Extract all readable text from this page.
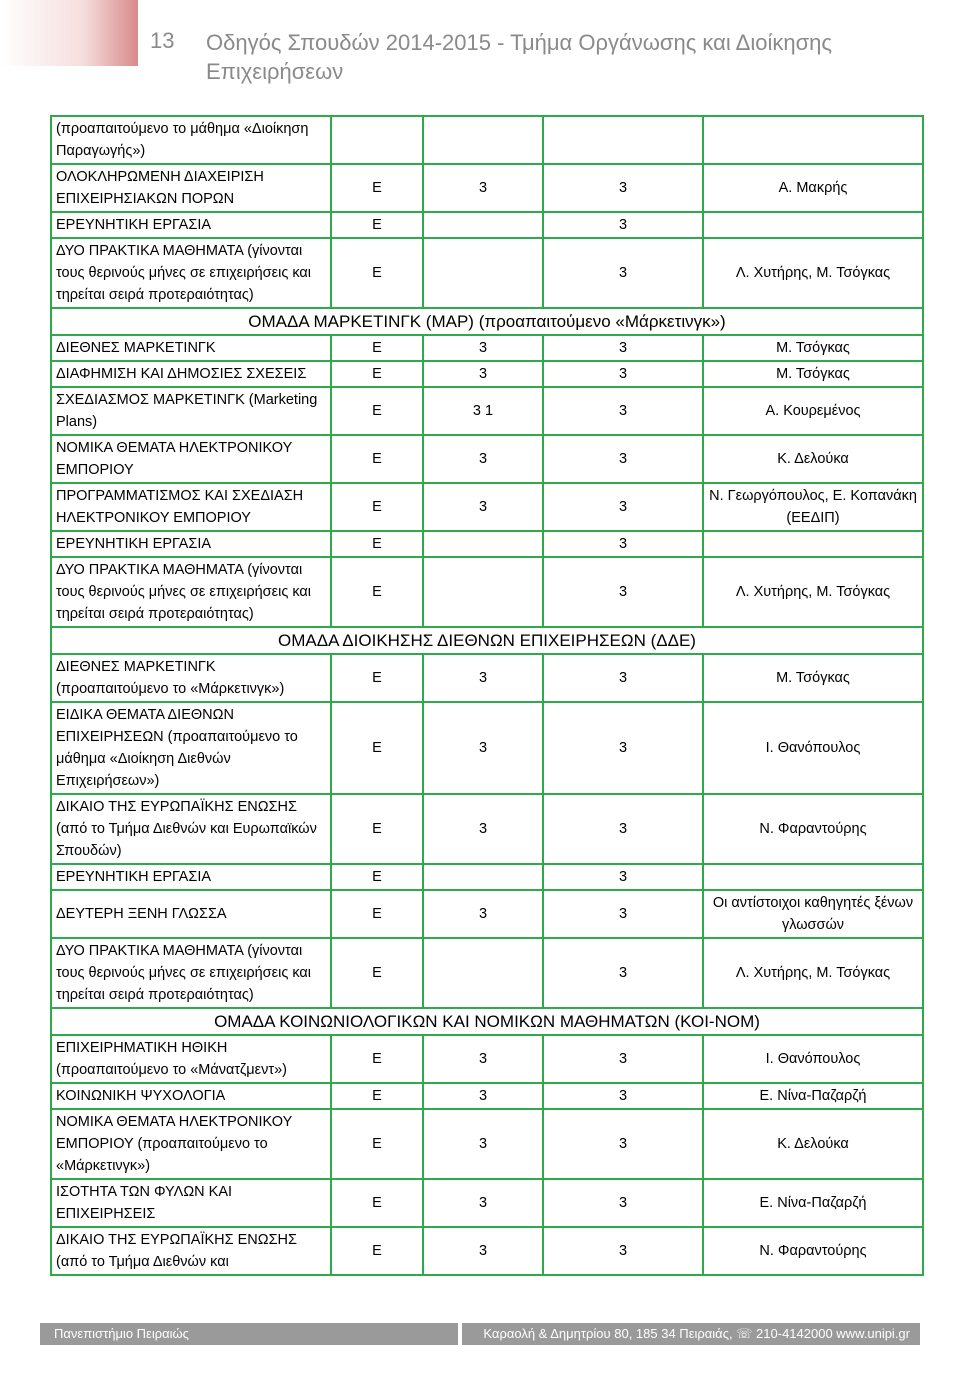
13 Οδηγός Σπουδών 2014-2015 - Τμήμα Οργάνωσης και Διοίκησης Επιχειρήσεων
(προαπαιτούμενο το μάθημα «Διοίκηση Παραγωγής»)				
ΟΛΟΚΛΗΡΩΜΕΝΗ ΔΙΑΧΕΙΡΙΣΗ ΕΠΙΧΕΙΡΗΣΙΑΚΩΝ ΠΟΡΩΝ	Ε	3	3	Α. Μακρής
ΕΡΕΥΝΗΤΙΚΗ ΕΡΓΑΣΙΑ	Ε		3	
ΔΥΟ ΠΡΑΚΤΙΚΑ ΜΑΘΗΜΑΤΑ (γίνονται τους θερινούς μήνες σε επιχειρήσεις και τηρείται σειρά προτεραιότητας)	Ε		3	Λ. Χυτήρης, Μ. Τσόγκας
ΟΜΑΔΑ ΜΑΡΚΕΤΙΝΓΚ (ΜΑΡ) (προαπαιτούμενο «Μάρκετινγκ»)				
ΔΙΕΘΝΕΣ ΜΑΡΚΕΤΙΝΓΚ	Ε	3	3	Μ. Τσόγκας
ΔΙΑΦΗΜΙΣΗ ΚΑΙ ΔΗΜΟΣΙΕΣ ΣΧΕΣΕΙΣ	Ε	3	3	Μ. Τσόγκας
ΣΧΕΔΙΑΣΜΟΣ ΜΑΡΚΕΤΙΝΓΚ (Marketing Plans)	Ε	3 1	3	Α. Κουρεμένος
ΝΟΜΙΚΑ ΘΕΜΑΤΑ ΗΛΕΚΤΡΟΝΙΚΟΥ ΕΜΠΟΡΙΟΥ	Ε	3	3	Κ. Δελούκα
ΠΡΟΓΡΑΜΜΑΤΙΣΜΟΣ ΚΑΙ ΣΧΕΔΙΑΣΗ ΗΛΕΚΤΡΟΝΙΚΟΥ ΕΜΠΟΡΙΟΥ	Ε	3	3	Ν. Γεωργόπουλος, Ε. Κοπανάκη (ΕΕΔΙΠ)
ΕΡΕΥΝΗΤΙΚΗ ΕΡΓΑΣΙΑ	Ε		3	
ΔΥΟ ΠΡΑΚΤΙΚΑ ΜΑΘΗΜΑΤΑ (γίνονται τους θερινούς μήνες σε επιχειρήσεις και τηρείται σειρά προτεραιότητας)	Ε		3	Λ. Χυτήρης, Μ. Τσόγκας
ΟΜΑΔΑ ΔΙΟΙΚΗΣΗΣ ΔΙΕΘΝΩΝ ΕΠΙΧΕΙΡΗΣΕΩΝ (ΔΔΕ)				
ΔΙΕΘΝΕΣ ΜΑΡΚΕΤΙΝΓΚ (προαπαιτούμενο το «Μάρκετινγκ»)	Ε	3	3	Μ. Τσόγκας
ΕΙΔΙΚΑ ΘΕΜΑΤΑ ΔΙΕΘΝΩΝ ΕΠΙΧΕΙΡΗΣΕΩΝ (προαπαιτούμενο το μάθημα «Διοίκηση Διεθνών Επιχειρήσεων»)	Ε	3	3	Ι. Θανόπουλος
ΔΙΚΑΙΟ ΤΗΣ ΕΥΡΩΠΑΪΚΗΣ ΕΝΩΣΗΣ (από το Τμήμα Διεθνών και Ευρωπαϊκών Σπουδών)	Ε	3	3	Ν. Φαραντούρης
ΕΡΕΥΝΗΤΙΚΗ ΕΡΓΑΣΙΑ	Ε		3	
ΔΕΥΤΕΡΗ ΞΕΝΗ ΓΛΩΣΣΑ	Ε	3	3	Οι αντίστοιχοι καθηγητές ξένων γλωσσών
ΔΥΟ ΠΡΑΚΤΙΚΑ ΜΑΘΗΜΑΤΑ (γίνονται τους θερινούς μήνες σε επιχειρήσεις και τηρείται σειρά προτεραιότητας)	Ε		3	Λ. Χυτήρης, Μ. Τσόγκας
ΟΜΑΔΑ ΚΟΙΝΩΝΙΟΛΟΓΙΚΩΝ ΚΑΙ ΝΟΜΙΚΩΝ ΜΑΘΗΜΑΤΩΝ (ΚΟΙ-ΝΟΜ)				
ΕΠΙΧΕΙΡΗΜΑΤΙΚΗ ΗΘΙΚΗ (προαπαιτούμενο το «Μάνατζμεντ»)	Ε	3	3	Ι. Θανόπουλος
ΚΟΙΝΩΝΙΚΗ ΨΥΧΟΛΟΓΙΑ	Ε	3	3	Ε. Νίνα-Παζαρζή
ΝΟΜΙΚΑ ΘΕΜΑΤΑ ΗΛΕΚΤΡΟΝΙΚΟΥ ΕΜΠΟΡΙΟΥ (προαπαιτούμενο το «Μάρκετινγκ»)	Ε	3	3	Κ. Δελούκα
ΙΣΟΤΗΤΑ ΤΩΝ ΦΥΛΩΝ ΚΑΙ ΕΠΙΧΕΙΡΗΣΕΙΣ	Ε	3	3	Ε. Νίνα-Παζαρζή
ΔΙΚΑΙΟ ΤΗΣ ΕΥΡΩΠΑΪΚΗΣ ΕΝΩΣΗΣ (από το Τμήμα Διεθνών και	Ε	3	3	Ν. Φαραντούρης
Πανεπιστήμιο Πειραιώς	Καραολή & Δημητρίου 80, 185 34 Πειραιάς, ☏ 210-4142000 www.unipi.gr
